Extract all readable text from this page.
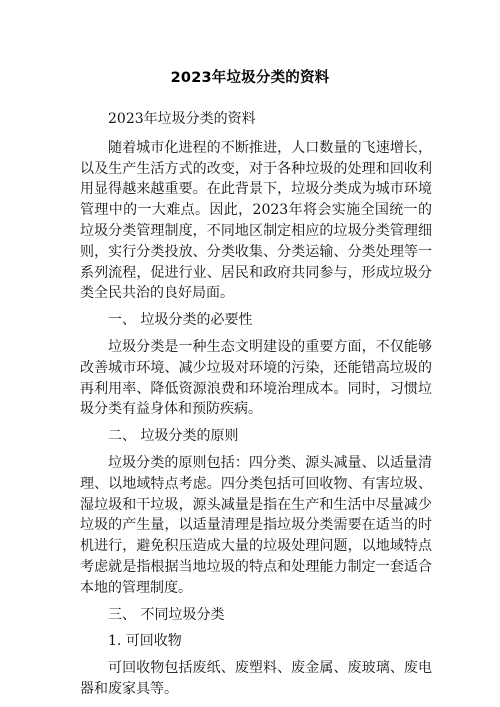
2023年垃圾分类的资料

2023年垃圾分类的资料

随着城市化进程的不断推进，人口数量的飞速增长，以及生产生活方式的改变，对于各种垃圾的处理和回收利用显得越来越重要。在此背景下，垃圾分类成为城市环境管理中的一大难点。因此，2023年将会实施全国统一的垃圾分类管理制度，不同地区制定相应的垃圾分类管理细则，实行分类投放、分类收集、分类运输、分类处理等一系列流程，促进行业、居民和政府共同参与，形成垃圾分类全民共治的良好局面。

一、 垃圾分类的必要性

垃圾分类是一种生态文明建设的重要方面，不仅能够改善城市环境、减少垃圾对环境的污染，还能错高垃圾的再利用率、降低资源浪费和环境治理成本。同时，习惯垃圾分类有益身体和预防疾病。

二、 垃圾分类的原则

垃圾分类的原则包括：四分类、源头减量、以适量清理、以地域特点考虑。四分类包括可回收物、有害垃圾、湿垃圾和干垃圾，源头减量是指在生产和生活中尽量减少垃圾的产生量，以适量清理是指垃圾分类需要在适当的时机进行，避免积压造成大量的垃圾处理问题，以地域特点考虑就是指根据当地垃圾的特点和处理能力制定一套适合本地的管理制度。

三、 不同垃圾分类

1. 可回收物

可回收物包括废纸、废塑料、废金属、废玻璃、废电器和废家具等。
